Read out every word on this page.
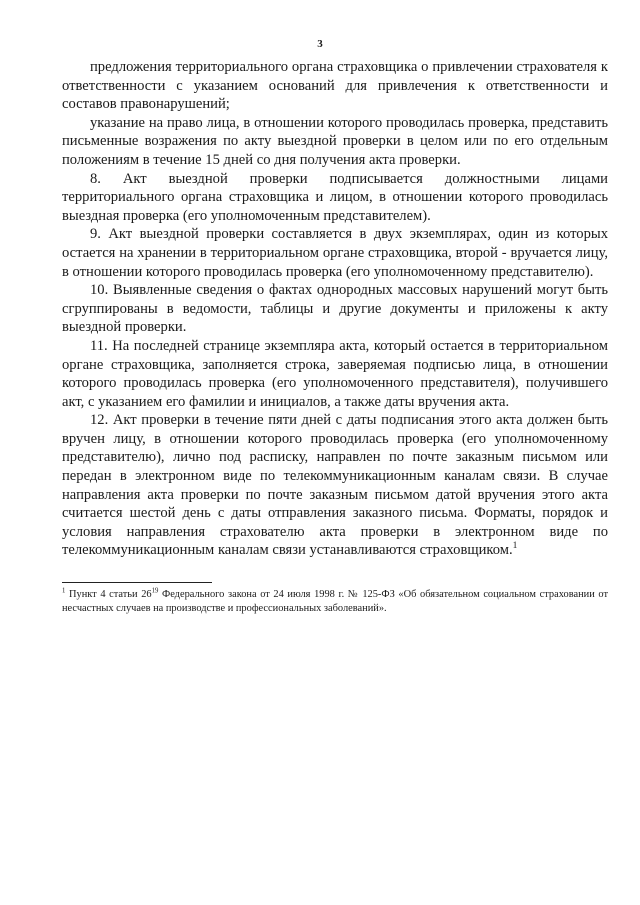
3

предложения территориального органа страховщика о привлечении страхователя к ответственности с указанием оснований для привлечения к ответственности и составов правонарушений;

указание на право лица, в отношении которого проводилась проверка, представить письменные возражения по акту выездной проверки в целом или по его отдельным положениям в течение 15 дней со дня получения акта проверки.

8. Акт выездной проверки подписывается должностными лицами территориального органа страховщика и лицом, в отношении которого проводилась выездная проверка (его уполномоченным представителем).

9. Акт выездной проверки составляется в двух экземплярах, один из которых остается на хранении в территориальном органе страховщика, второй - вручается лицу, в отношении которого проводилась проверка (его уполномоченному представителю).

10. Выявленные сведения о фактах однородных массовых нарушений могут быть сгруппированы в ведомости, таблицы и другие документы и приложены к акту выездной проверки.

11. На последней странице экземпляра акта, который остается в территориальном органе страховщика, заполняется строка, заверяемая подписью лица, в отношении которого проводилась проверка (его уполномоченного представителя), получившего акт, с указанием его фамилии и инициалов, а также даты вручения акта.

12. Акт проверки в течение пяти дней с даты подписания этого акта должен быть вручен лицу, в отношении которого проводилась проверка (его уполномоченному представителю), лично под расписку, направлен по почте заказным письмом или передан в электронном виде по телекоммуникационным каналам связи. В случае направления акта проверки по почте заказным письмом датой вручения этого акта считается шестой день с даты отправления заказного письма. Форматы, порядок и условия направления страхователю акта проверки в электронном виде по телекоммуникационным каналам связи устанавливаются страховщиком.$^1$

$^1$ Пункт 4 статьи $26^{19}$ Федерального закона от 24 июля 1998 г. № 125-ФЗ «Об обязательном социальном страховании от несчастных случаев на производстве и профессиональных заболеваний».
